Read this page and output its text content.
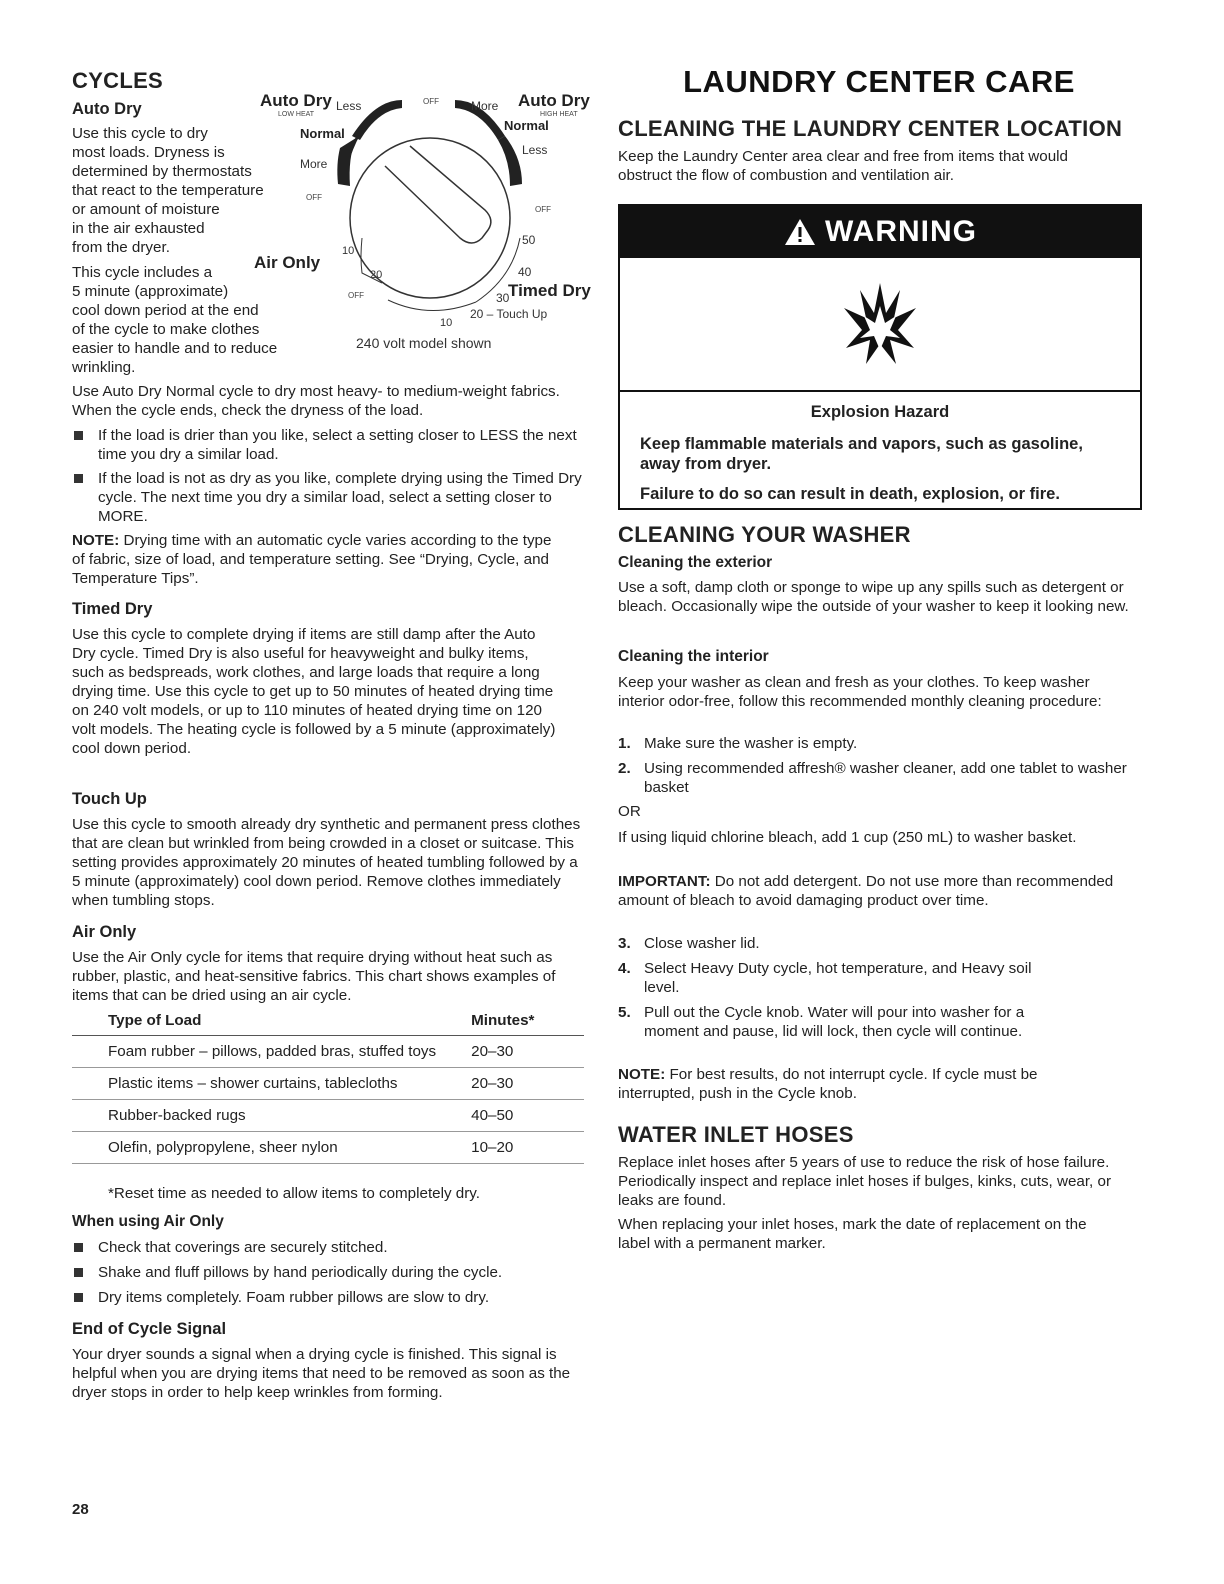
CYCLES
Auto Dry

Use this cycle to dry

most loads. Dryness is

determined by thermostats

that react to the temperature

or amount of moisture

in the air exhausted

from the dryer.

This cycle includes a

5 minute (approximate)

cool down period at the end

of the cycle to make clothes

easier to handle and to reduce

wrinkling.

Auto Dry
LOW HEAT
Auto Dry
HIGH HEAT
Less	OFF	More
Normal
Normal
More
Less
OFF
OFF
OFF
10
20
50
40
30
10
Air Only
Timed Dry
20 – Touch Up
240 volt model shown

Use Auto Dry Normal cycle to dry most heavy- to medium-weight fabrics. When the cycle ends, check the dryness of the load.

If the load is drier than you like, select a setting closer to LESS the next time you dry a similar load.
If the load is not as dry as you like, complete drying using the Timed Dry cycle. The next time you dry a similar load, select a setting closer to MORE.

NOTE: Drying time with an automatic cycle varies according to the type of fabric, size of load, and temperature setting. See “Drying, Cycle, and Temperature Tips”.

Timed Dry

Use this cycle to complete drying if items are still damp after the Auto Dry cycle. Timed Dry is also useful for heavyweight and bulky items, such as bedspreads, work clothes, and large loads that require a long drying time. Use this cycle to get up to 50 minutes of heated drying time on 240 volt models, or up to 110 minutes of heated drying time on 120 volt models. The heating cycle is followed by a 5 minute (approximately) cool down period.

Touch Up

Use this cycle to smooth already dry synthetic and permanent press clothes that are clean but wrinkled from being crowded in a closet or suitcase. This setting provides approximately 20 minutes of heated tumbling followed by a 5 minute (approximately) cool down period. Remove clothes immediately when tumbling stops.

Air Only

Use the Air Only cycle for items that require drying without heat such as rubber, plastic, and heat-sensitive fabrics. This chart shows examples of items that can be dried using an air cycle.

Type of Load	Minutes*
Foam rubber – pillows, padded bras, stuffed toys	20–30
Plastic items – shower curtains, tablecloths	20–30
Rubber-backed rugs	40–50
Olefin, polypropylene, sheer nylon	10–20

*Reset time as needed to allow items to completely dry.

When using Air Only
Check that coverings are securely stitched.
Shake and fluff pillows by hand periodically during the cycle.
Dry items completely. Foam rubber pillows are slow to dry.
End of Cycle Signal

Your dryer sounds a signal when a drying cycle is finished. This signal is helpful when you are drying items that need to be removed as soon as the dryer stops in order to help keep wrinkles from forming.

28

LAUNDRY CENTER CARE
CLEANING THE LAUNDRY CENTER LOCATION

Keep the Laundry Center area clear and free from items that would obstruct the flow of combustion and ventilation air.

WARNING

Explosion Hazard

Keep flammable materials and vapors, such as gasoline, away from dryer.

Failure to do so can result in death, explosion, or fire.

CLEANING YOUR WASHER
Cleaning the exterior

Use a soft, damp cloth or sponge to wipe up any spills such as detergent or bleach. Occasionally wipe the outside of your washer to keep it looking new.

Cleaning the interior

Keep your washer as clean and fresh as your clothes. To keep washer interior odor-free, follow this recommended monthly cleaning procedure:

1. Make sure the washer is empty.
2. Using recommended affresh® washer cleaner, add one tablet to washer basket

OR

If using liquid chlorine bleach, add 1 cup (250 mL) to washer basket.

IMPORTANT: Do not add detergent. Do not use more than recommended amount of bleach to avoid damaging product over time.

3. Close washer lid.
4. Select Heavy Duty cycle, hot temperature, and Heavy soil level.
5. Pull out the Cycle knob. Water will pour into washer for a moment and pause, lid will lock, then cycle will continue.

NOTE: For best results, do not interrupt cycle. If cycle must be interrupted, push in the Cycle knob.

WATER INLET HOSES

Replace inlet hoses after 5 years of use to reduce the risk of hose failure. Periodically inspect and replace inlet hoses if bulges, kinks, cuts, wear, or leaks are found.

When replacing your inlet hoses, mark the date of replacement on the label with a permanent marker.
